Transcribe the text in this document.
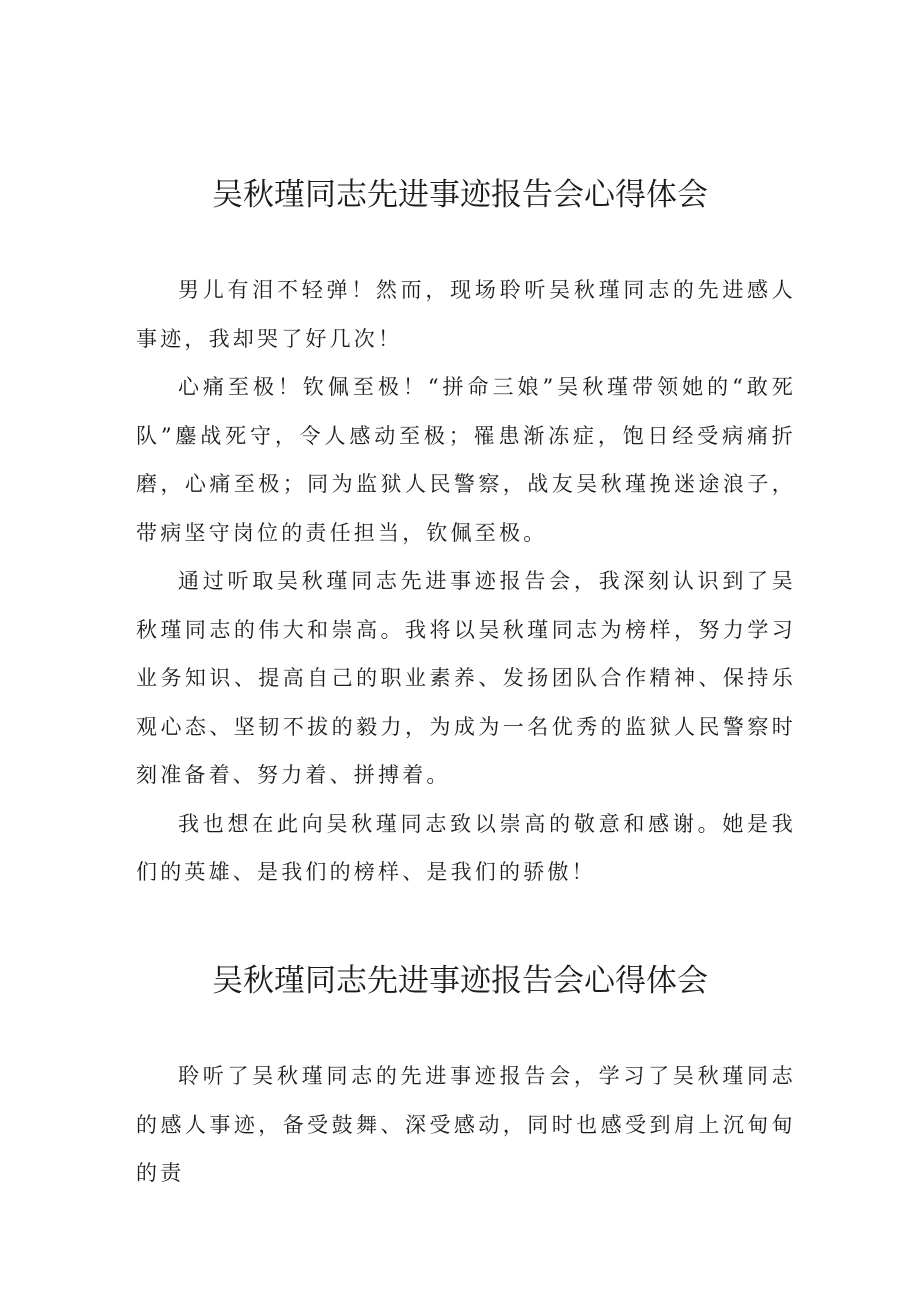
吴秋瑾同志先进事迹报告会心得体会

男儿有泪不轻弹！然而，现场聆听吴秋瑾同志的先进感人事迹，我却哭了好几次！

心痛至极！钦佩至极！“拼命三娘”吴秋瑾带领她的“敢死队”鏖战死守，令人感动至极；罹患渐冻症，饱日经受病痛折磨，心痛至极；同为监狱人民警察，战友吴秋瑾挽迷途浪子，带病坚守岗位的责任担当，钦佩至极。

通过听取吴秋瑾同志先进事迹报告会，我深刻认识到了吴秋瑾同志的伟大和崇高。我将以吴秋瑾同志为榜样，努力学习业务知识、提高自己的职业素养、发扬团队合作精神、保持乐观心态、坚韧不拔的毅力，为成为一名优秀的监狱人民警察时刻准备着、努力着、拼搏着。

我也想在此向吴秋瑾同志致以崇高的敬意和感谢。她是我们的英雄、是我们的榜样、是我们的骄傲！

吴秋瑾同志先进事迹报告会心得体会

聆听了吴秋瑾同志的先进事迹报告会，学习了吴秋瑾同志的感人事迹，备受鼓舞、深受感动，同时也感受到肩上沉甸甸的责
